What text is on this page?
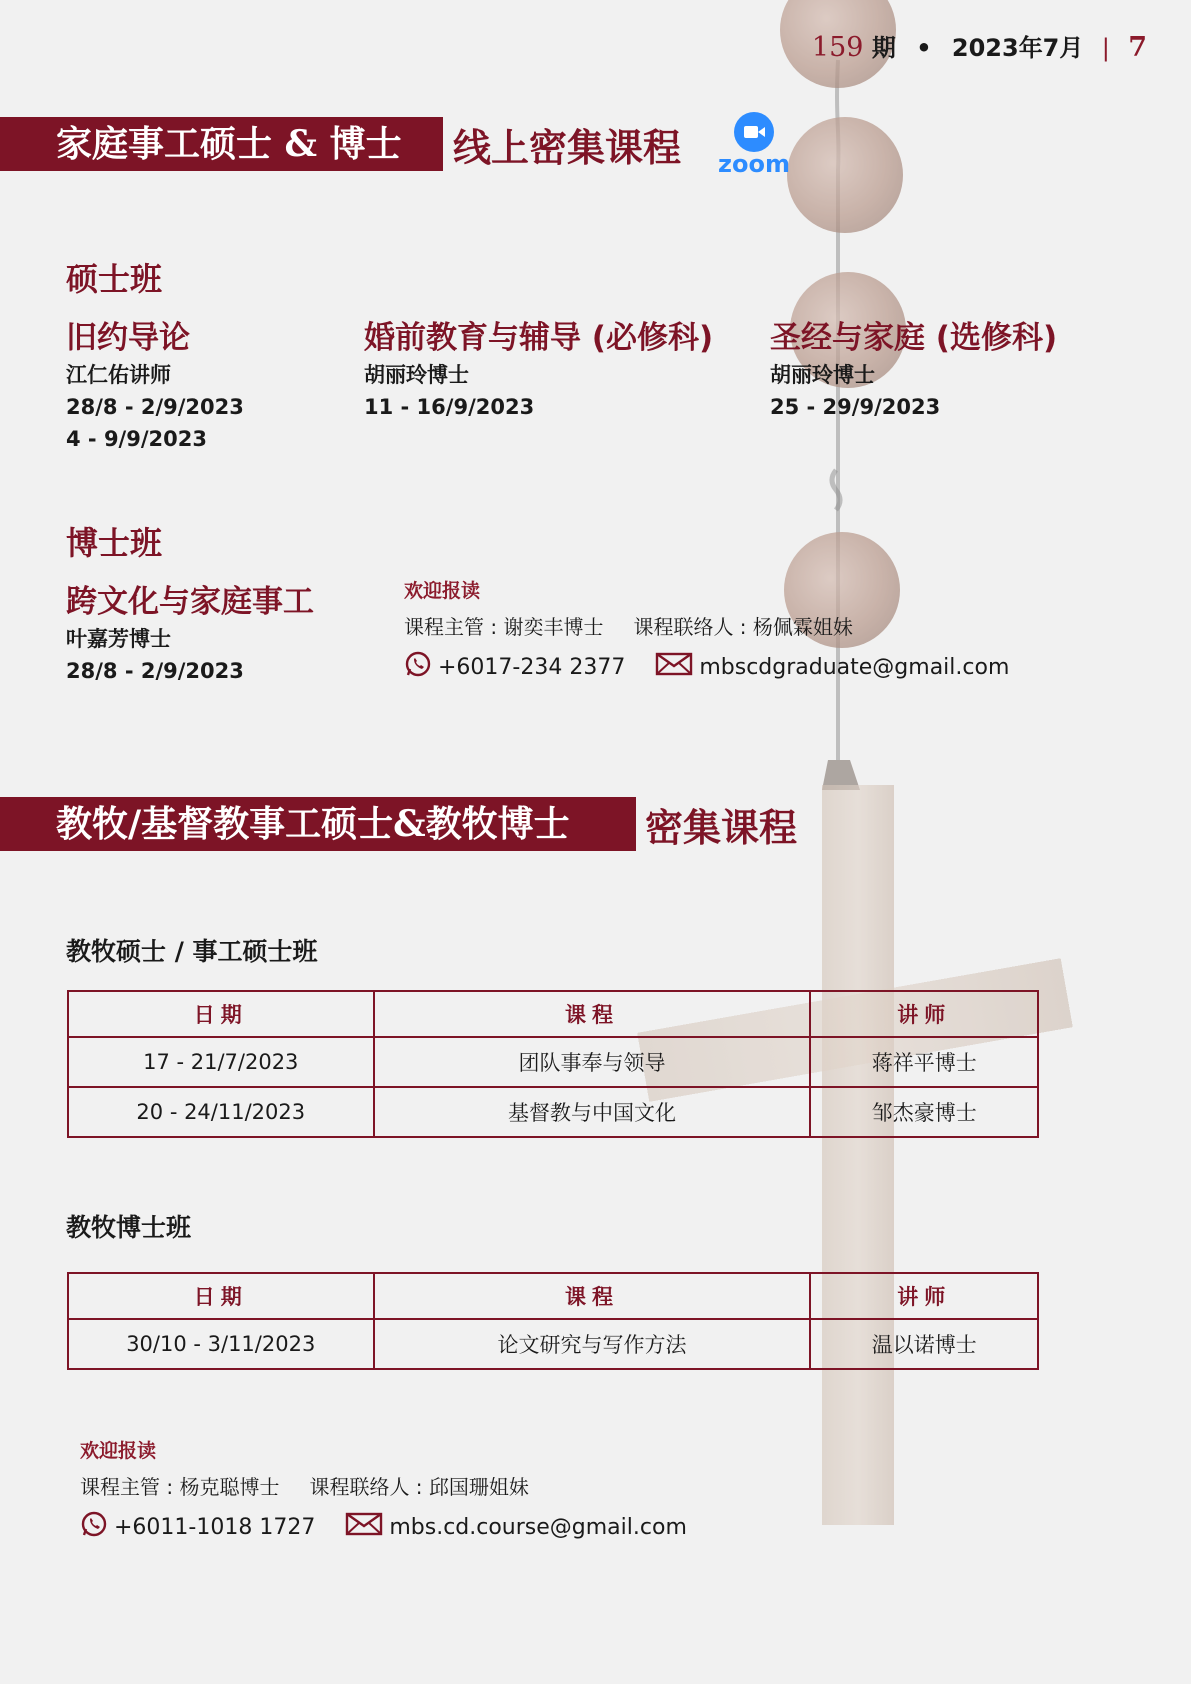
159 期 • 2023年7月 | 7
家庭事工硕士 & 博士	线上密集课程 zoom
硕士班
旧约导论
江仁佑讲师
28/8 - 2/9/2023
4 - 9/9/2023
婚前教育与辅导 (必修科)
胡丽玲博士
11 - 16/9/2023
圣经与家庭 (选修科)
胡丽玲博士
25 - 29/9/2023
博士班
跨文化与家庭事工
叶嘉芳博士
28/8 - 2/9/2023
欢迎报读
课程主管 : 谢奕丰博士 课程联络人 : 杨佩霖姐妹
+6017-234 2377	mbscdgraduate@gmail.com
教牧/基督教事工硕士&教牧博士	密集课程
教牧硕士 / 事工硕士班
日期	课程	讲师
17 - 21/7/2023	团队事奉与领导	蒋祥平博士
20 - 24/11/2023	基督教与中国文化	邹杰豪博士
教牧博士班
日期	课程	讲师
30/10 - 3/11/2023	论文研究与写作方法	温以诺博士
欢迎报读
课程主管 : 杨克聪博士 课程联络人 : 邱国珊姐妹
+6011-1018 1727	mbs.cd.course@gmail.com
